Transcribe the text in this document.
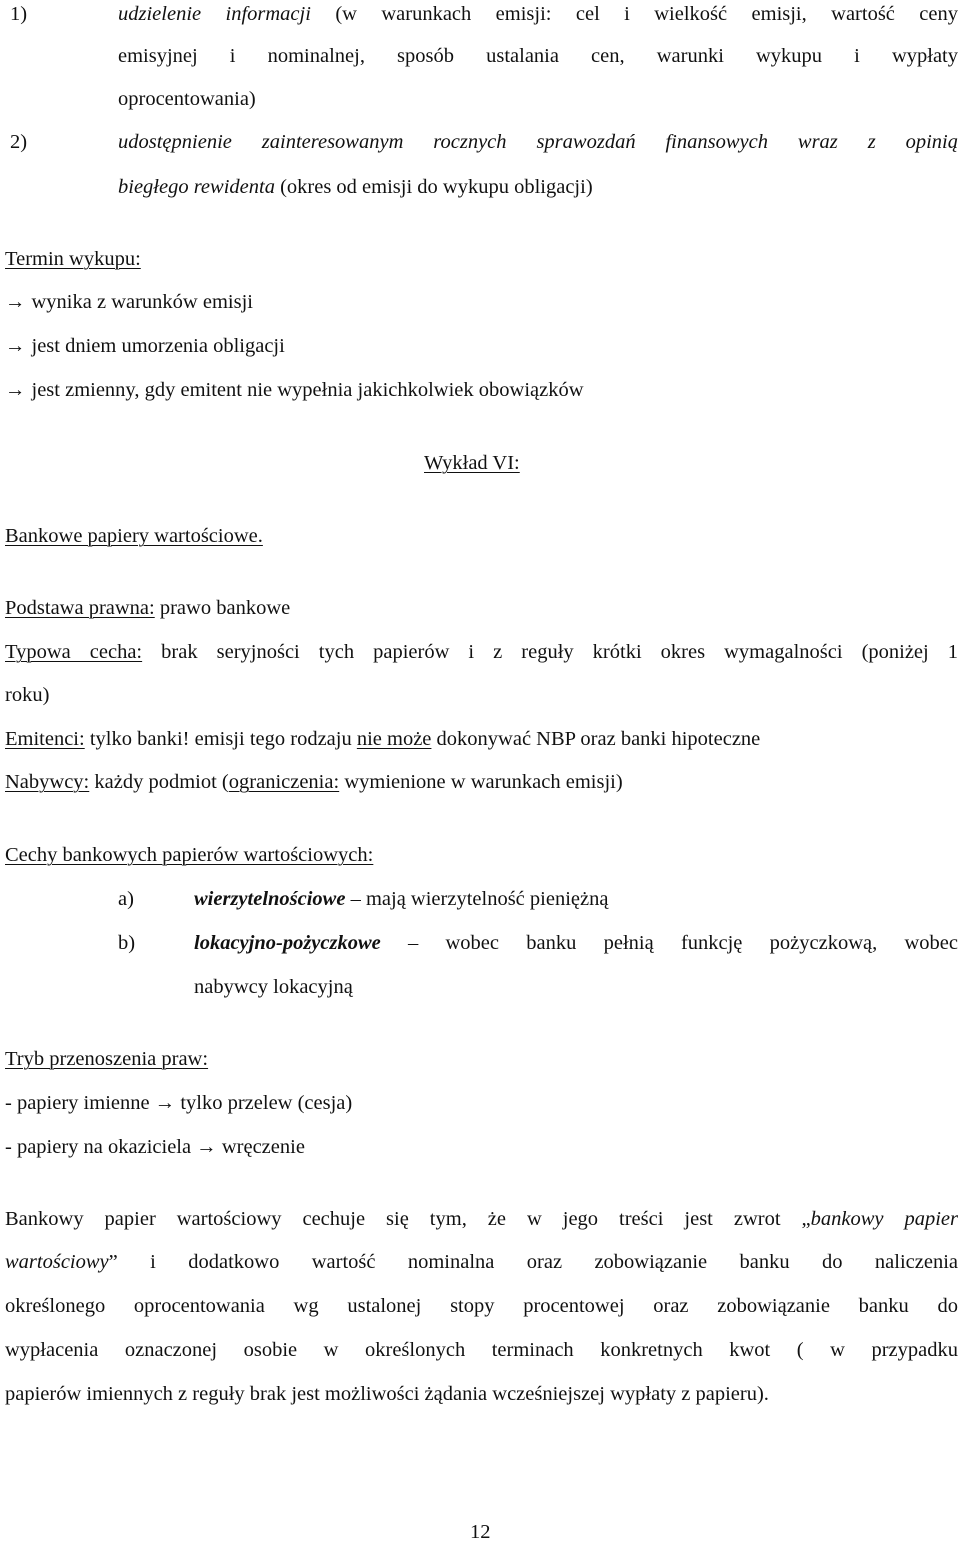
1)	udzielenie informacji (w warunkach emisji: cel i wielkość emisji, wartość ceny
emisyjnej i nominalnej, sposób ustalania cen, warunki wykupu i wypłaty
oprocentowania)
2)	udostępnienie zainteresowanym rocznych sprawozdań finansowych wraz z opinią
biegłego rewidenta (okres od emisji do wykupu obligacji)
Termin wykupu:
→ wynika z warunków emisji
→ jest dniem umorzenia obligacji
→ jest zmienny, gdy emitent nie wypełnia jakichkolwiek obowiązków
Wykład VI:
Bankowe papiery wartościowe.
Podstawa prawna: prawo bankowe
Typowa cecha: brak seryjności tych papierów i z reguły krótki okres wymagalności (poniżej 1
roku)
Emitenci: tylko banki! emisji tego rodzaju nie może dokonywać NBP oraz banki hipoteczne
Nabywcy: każdy podmiot (ograniczenia: wymienione w warunkach emisji)
Cechy bankowych papierów wartościowych:
a)	wierzytelnościowe – mają wierzytelność pieniężną
b)	lokacyjno-pożyczkowe – wobec banku pełnią funkcję pożyczkową, wobec
nabywcy lokacyjną
Tryb przenoszenia praw:
- papiery imienne → tylko przelew (cesja)
- papiery na okaziciela → wręczenie
Bankowy papier wartościowy cechuje się tym, że w jego treści jest zwrot „bankowy papier
wartościowy” i dodatkowo wartość nominalna oraz zobowiązanie banku do naliczenia
określonego oprocentowania wg ustalonej stopy procentowej oraz zobowiązanie banku do
wypłacenia oznaczonej osobie w określonych terminach konkretnych kwot ( w przypadku
papierów imiennych z reguły brak jest możliwości żądania wcześniejszej wypłaty z papieru).
12
